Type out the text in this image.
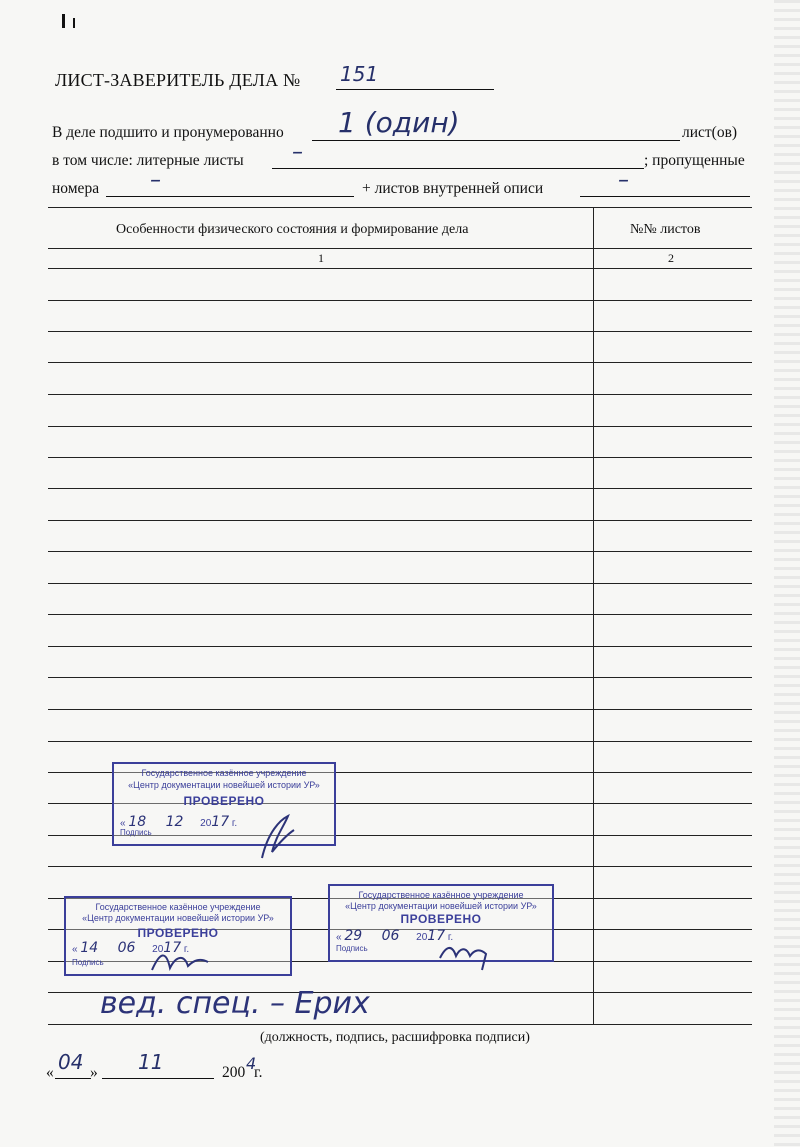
ЛИСТ-ЗАВЕРИТЕЛЬ ДЕЛА № 151
В деле подшито и пронумерованно 1 (один)	лист(ов)
в том числе: литерные листы –	; пропущенные
номера –	+ листов внутренней описи	–
Особенности физического состояния и формирование дела	№№ листов
1	2
Государственное казённое учреждение
«Центр документации новейшей истории УР»
ПРОВЕРЕНО
« 18 12 2017 г.
Подпись
Государственное казённое учреждение
«Центр документации новейшей истории УР»
ПРОВЕРЕНО
« 14 06 2017 г.
Подпись
Государственное казённое учреждение
«Центр документации новейшей истории УР»
ПРОВЕРЕНО
« 29 06 2017 г.
Подпись
вед. спец. – Ерих
(должность, подпись, расшифровка подписи)
« 04 » 11	200 4
г.
